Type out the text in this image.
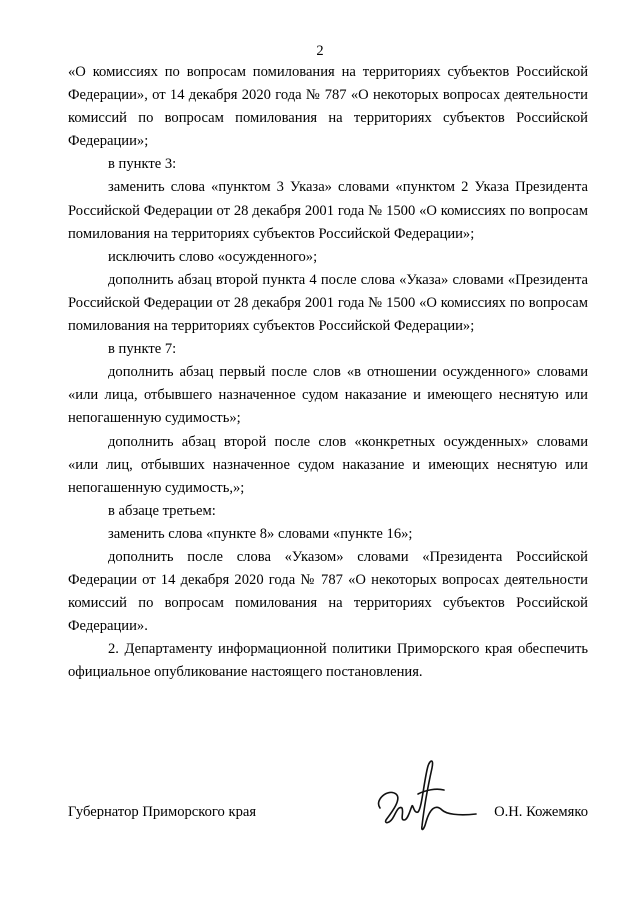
2

«О комиссиях по вопросам помилования на территориях субъектов Российской Федерации», от 14 декабря 2020 года № 787 «О некоторых вопросах деятельности комиссий по вопросам помилования на территориях субъектов Российской Федерации»;

в пункте 3:

заменить слова «пунктом 3 Указа» словами «пунктом 2 Указа Президента Российской Федерации от 28 декабря 2001 года № 1500 «О комиссиях по вопросам помилования на территориях субъектов Российской Федерации»;

исключить слово «осужденного»;

дополнить абзац второй пункта 4 после слова «Указа» словами «Президента Российской Федерации от 28 декабря 2001 года № 1500 «О комиссиях по вопросам помилования на территориях субъектов Российской Федерации»;

в пункте 7:

дополнить абзац первый после слов «в отношении осужденного» словами «или лица, отбывшего назначенное судом наказание и имеющего неснятую или непогашенную судимость»;

дополнить абзац второй после слов «конкретных осужденных» словами «или лиц, отбывших назначенное судом наказание и имеющих неснятую или непогашенную судимость,»;

в абзаце третьем:

заменить слова «пункте 8» словами «пункте 16»;

дополнить после слова «Указом» словами «Президента Российской Федерации от 14 декабря 2020 года № 787 «О некоторых вопросах деятельности комиссий по вопросам помилования на территориях субъектов Российской Федерации».

2. Департаменту информационной политики Приморского края обеспечить официальное опубликование настоящего постановления.

Губернатор Приморского края	О.Н. Кожемяко
